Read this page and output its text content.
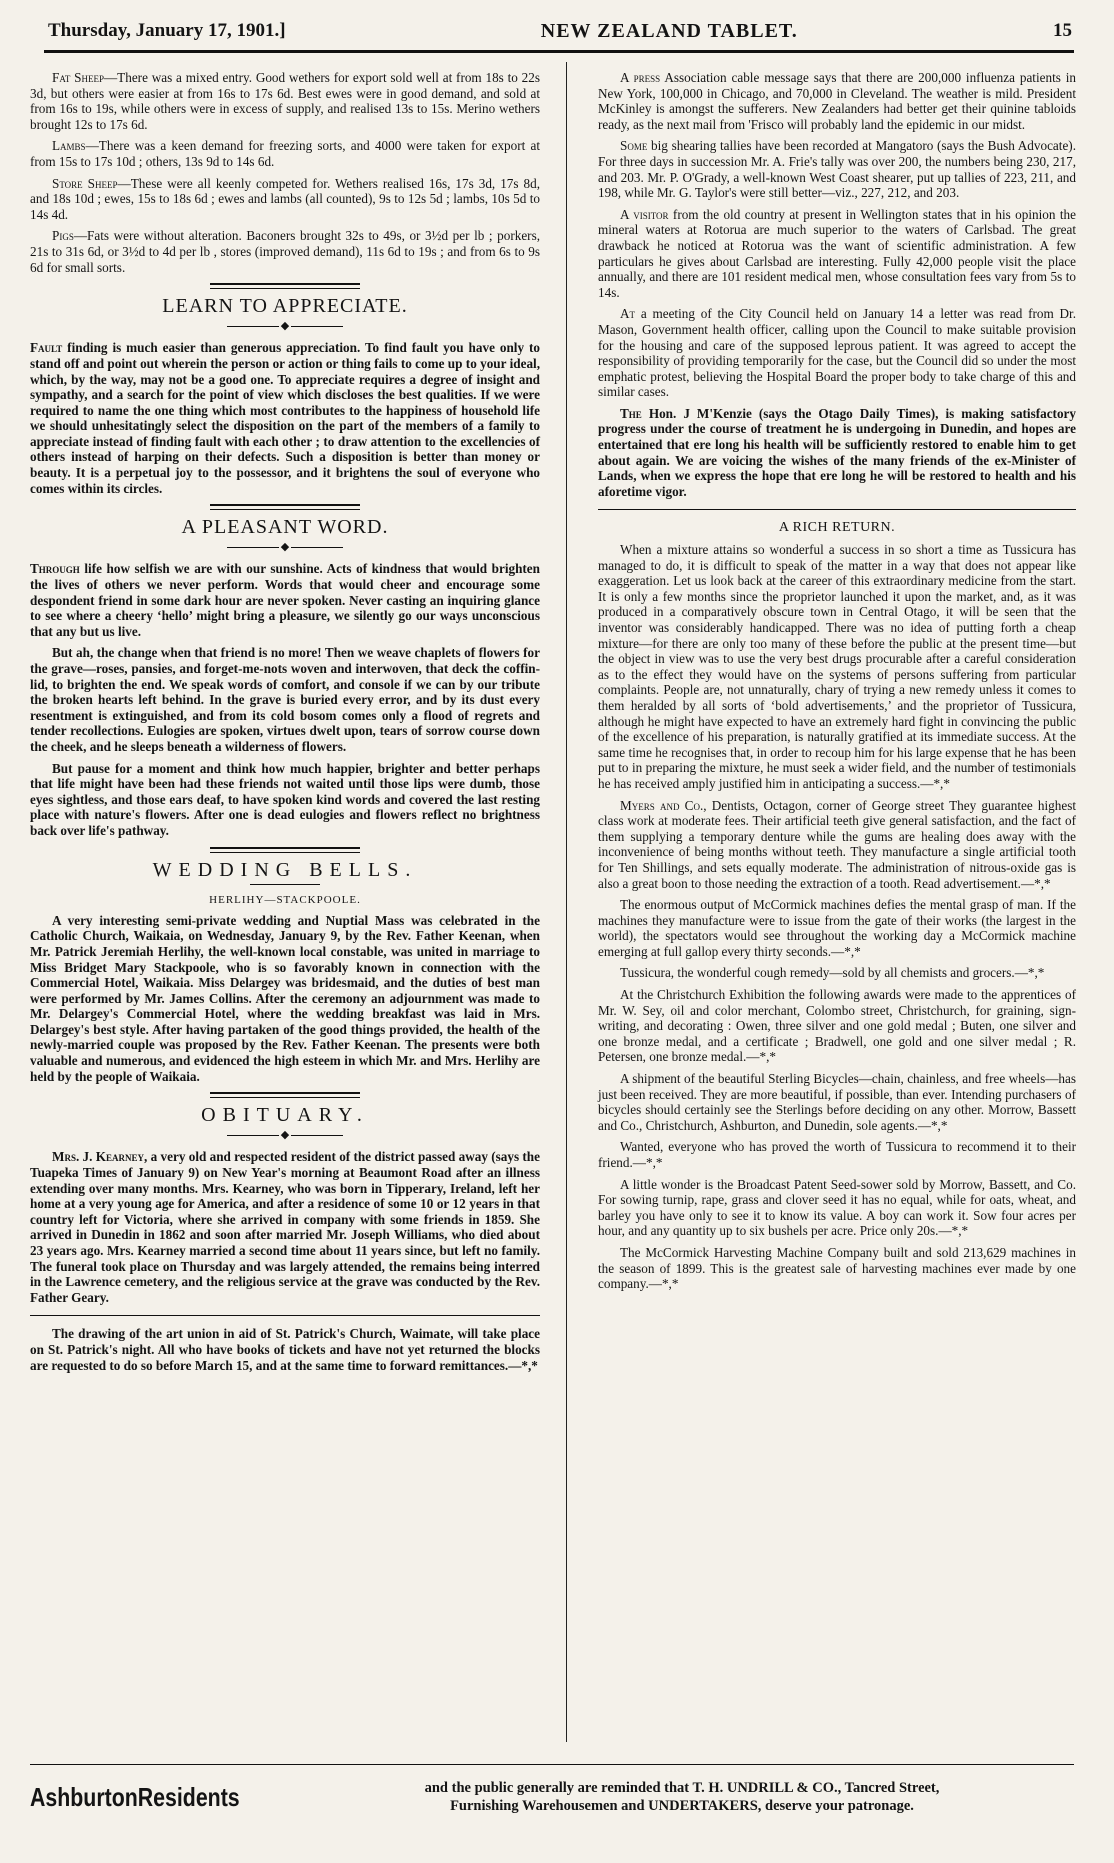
Thursday, January 17, 1901.]	NEW ZEALAND TABLET.	15

Fat Sheep—There was a mixed entry. Good wethers for export sold well at from 18s to 22s 3d, but others were easier at from 16s to 17s 6d. Best ewes were in good demand, and sold at from 16s to 19s, while others were in excess of supply, and realised 13s to 15s. Merino wethers brought 12s to 17s 6d.

Lambs—There was a keen demand for freezing sorts, and 4000 were taken for export at from 15s to 17s 10d ; others, 13s 9d to 14s 6d.

Store Sheep—These were all keenly competed for. Wethers realised 16s, 17s 3d, 17s 8d, and 18s 10d ; ewes, 15s to 18s 6d ; ewes and lambs (all counted), 9s to 12s 5d ; lambs, 10s 5d to 14s 4d.

Pigs—Fats were without alteration. Baconers brought 32s to 49s, or 3½d per lb ; porkers, 21s to 31s 6d, or 3½d to 4d per lb , stores (improved demand), 11s 6d to 19s ; and from 6s to 9s 6d for small sorts.

LEARN TO APPRECIATE.
◆

Fault finding is much easier than generous appreciation. To find fault you have only to stand off and point out wherein the person or action or thing fails to come up to your ideal, which, by the way, may not be a good one. To appreciate requires a degree of insight and sympathy, and a search for the point of view which discloses the best qualities. If we were required to name the one thing which most contributes to the happiness of household life we should unhesitatingly select the disposition on the part of the members of a family to appreciate instead of finding fault with each other ; to draw attention to the excellencies of others instead of harping on their defects. Such a disposition is better than money or beauty. It is a perpetual joy to the possessor, and it brightens the soul of everyone who comes within its circles.

A PLEASANT WORD.
◆

Through life how selfish we are with our sunshine. Acts of kindness that would brighten the lives of others we never perform. Words that would cheer and encourage some despondent friend in some dark hour are never spoken. Never casting an inquiring glance to see where a cheery ‘hello’ might bring a pleasure, we silently go our ways unconscious that any but us live.

But ah, the change when that friend is no more! Then we weave chaplets of flowers for the grave—roses, pansies, and forget-me-nots woven and interwoven, that deck the coffin-lid, to brighten the end. We speak words of comfort, and console if we can by our tribute the broken hearts left behind. In the grave is buried every error, and by its dust every resentment is extinguished, and from its cold bosom comes only a flood of regrets and tender recollections. Eulogies are spoken, virtues dwelt upon, tears of sorrow course down the cheek, and he sleeps beneath a wilderness of flowers.

But pause for a moment and think how much happier, brighter and better perhaps that life might have been had these friends not waited until those lips were dumb, those eyes sightless, and those ears deaf, to have spoken kind words and covered the last resting place with nature's flowers. After one is dead eulogies and flowers reflect no brightness back over life's pathway.

WEDDING BELLS.
HERLIHY—STACKPOOLE.

A very interesting semi-private wedding and Nuptial Mass was celebrated in the Catholic Church, Waikaia, on Wednesday, January 9, by the Rev. Father Keenan, when Mr. Patrick Jeremiah Herlihy, the well-known local constable, was united in marriage to Miss Bridget Mary Stackpoole, who is so favorably known in connection with the Commercial Hotel, Waikaia. Miss Delargey was bridesmaid, and the duties of best man were performed by Mr. James Collins. After the ceremony an adjournment was made to Mr. Delargey's Commercial Hotel, where the wedding breakfast was laid in Mrs. Delargey's best style. After having partaken of the good things provided, the health of the newly-married couple was proposed by the Rev. Father Keenan. The presents were both valuable and numerous, and evidenced the high esteem in which Mr. and Mrs. Herlihy are held by the people of Waikaia.

OBITUARY.
◆

Mrs. J. Kearney, a very old and respected resident of the district passed away (says the Tuapeka Times of January 9) on New Year's morning at Beaumont Road after an illness extending over many months. Mrs. Kearney, who was born in Tipperary, Ireland, left her home at a very young age for America, and after a residence of some 10 or 12 years in that country left for Victoria, where she arrived in company with some friends in 1859. She arrived in Dunedin in 1862 and soon after married Mr. Joseph Williams, who died about 23 years ago. Mrs. Kearney married a second time about 11 years since, but left no family. The funeral took place on Thursday and was largely attended, the remains being interred in the Lawrence cemetery, and the religious service at the grave was conducted by the Rev. Father Geary.

The drawing of the art union in aid of St. Patrick's Church, Waimate, will take place on St. Patrick's night. All who have books of tickets and have not yet returned the blocks are requested to do so before March 15, and at the same time to forward remittances.—*,*

A press Association cable message says that there are 200,000 influenza patients in New York, 100,000 in Chicago, and 70,000 in Cleveland. The weather is mild. President McKinley is amongst the sufferers. New Zealanders had better get their quinine tabloids ready, as the next mail from 'Frisco will probably land the epidemic in our midst.

Some big shearing tallies have been recorded at Mangatoro (says the Bush Advocate). For three days in succession Mr. A. Frie's tally was over 200, the numbers being 230, 217, and 203. Mr. P. O'Grady, a well-known West Coast shearer, put up tallies of 223, 211, and 198, while Mr. G. Taylor's were still better—viz., 227, 212, and 203.

A visitor from the old country at present in Wellington states that in his opinion the mineral waters at Rotorua are much superior to the waters of Carlsbad. The great drawback he noticed at Rotorua was the want of scientific administration. A few particulars he gives about Carlsbad are interesting. Fully 42,000 people visit the place annually, and there are 101 resident medical men, whose consultation fees vary from 5s to 14s.

At a meeting of the City Council held on January 14 a letter was read from Dr. Mason, Government health officer, calling upon the Council to make suitable provision for the housing and care of the supposed leprous patient. It was agreed to accept the responsibility of providing temporarily for the case, but the Council did so under the most emphatic protest, believing the Hospital Board the proper body to take charge of this and similar cases.

The Hon. J M'Kenzie (says the Otago Daily Times), is making satisfactory progress under the course of treatment he is undergoing in Dunedin, and hopes are entertained that ere long his health will be sufficiently restored to enable him to get about again. We are voicing the wishes of the many friends of the ex-Minister of Lands, when we express the hope that ere long he will be restored to health and his aforetime vigor.

A RICH RETURN.

When a mixture attains so wonderful a success in so short a time as Tussicura has managed to do, it is difficult to speak of the matter in a way that does not appear like exaggeration. Let us look back at the career of this extraordinary medicine from the start. It is only a few months since the proprietor launched it upon the market, and, as it was produced in a comparatively obscure town in Central Otago, it will be seen that the inventor was considerably handicapped. There was no idea of putting forth a cheap mixture—for there are only too many of these before the public at the present time—but the object in view was to use the very best drugs procurable after a careful consideration as to the effect they would have on the systems of persons suffering from particular complaints. People are, not unnaturally, chary of trying a new remedy unless it comes to them heralded by all sorts of ‘bold advertisements,’ and the proprietor of Tussicura, although he might have expected to have an extremely hard fight in convincing the public of the excellence of his preparation, is naturally gratified at its immediate success. At the same time he recognises that, in order to recoup him for his large expense that he has been put to in preparing the mixture, he must seek a wider field, and the number of testimonials he has received amply justified him in anticipating a success.—*,*

Myers and Co., Dentists, Octagon, corner of George street They guarantee highest class work at moderate fees. Their artificial teeth give general satisfaction, and the fact of them supplying a temporary denture while the gums are healing does away with the inconvenience of being months without teeth. They manufacture a single artificial tooth for Ten Shillings, and sets equally moderate. The administration of nitrous-oxide gas is also a great boon to those needing the extraction of a tooth. Read advertisement.—*,*

The enormous output of McCormick machines defies the mental grasp of man. If the machines they manufacture were to issue from the gate of their works (the largest in the world), the spectators would see throughout the working day a McCormick machine emerging at full gallop every thirty seconds.—*,*

Tussicura, the wonderful cough remedy—sold by all chemists and grocers.—*,*

At the Christchurch Exhibition the following awards were made to the apprentices of Mr. W. Sey, oil and color merchant, Colombo street, Christchurch, for graining, sign-writing, and decorating : Owen, three silver and one gold medal ; Buten, one silver and one bronze medal, and a certificate ; Bradwell, one gold and one silver medal ; R. Petersen, one bronze medal.—*,*

A shipment of the beautiful Sterling Bicycles—chain, chainless, and free wheels—has just been received. They are more beautiful, if possible, than ever. Intending purchasers of bicycles should certainly see the Sterlings before deciding on any other. Morrow, Bassett and Co., Christchurch, Ashburton, and Dunedin, sole agents.—*,*

Wanted, everyone who has proved the worth of Tussicura to recommend it to their friend.—*,*

A little wonder is the Broadcast Patent Seed-sower sold by Morrow, Bassett, and Co. For sowing turnip, rape, grass and clover seed it has no equal, while for oats, wheat, and barley you have only to see it to know its value. A boy can work it. Sow four acres per hour, and any quantity up to six bushels per acre. Price only 20s.—*,*

The McCormick Harvesting Machine Company built and sold 213,629 machines in the season of 1899. This is the greatest sale of harvesting machines ever made by one company.—*,*

AshburtonResidents	and the public generally are reminded that T. H. UNDRILL & CO., Tancred Street,
Furnishing Warehousemen and UNDERTAKERS, deserve your patronage.
